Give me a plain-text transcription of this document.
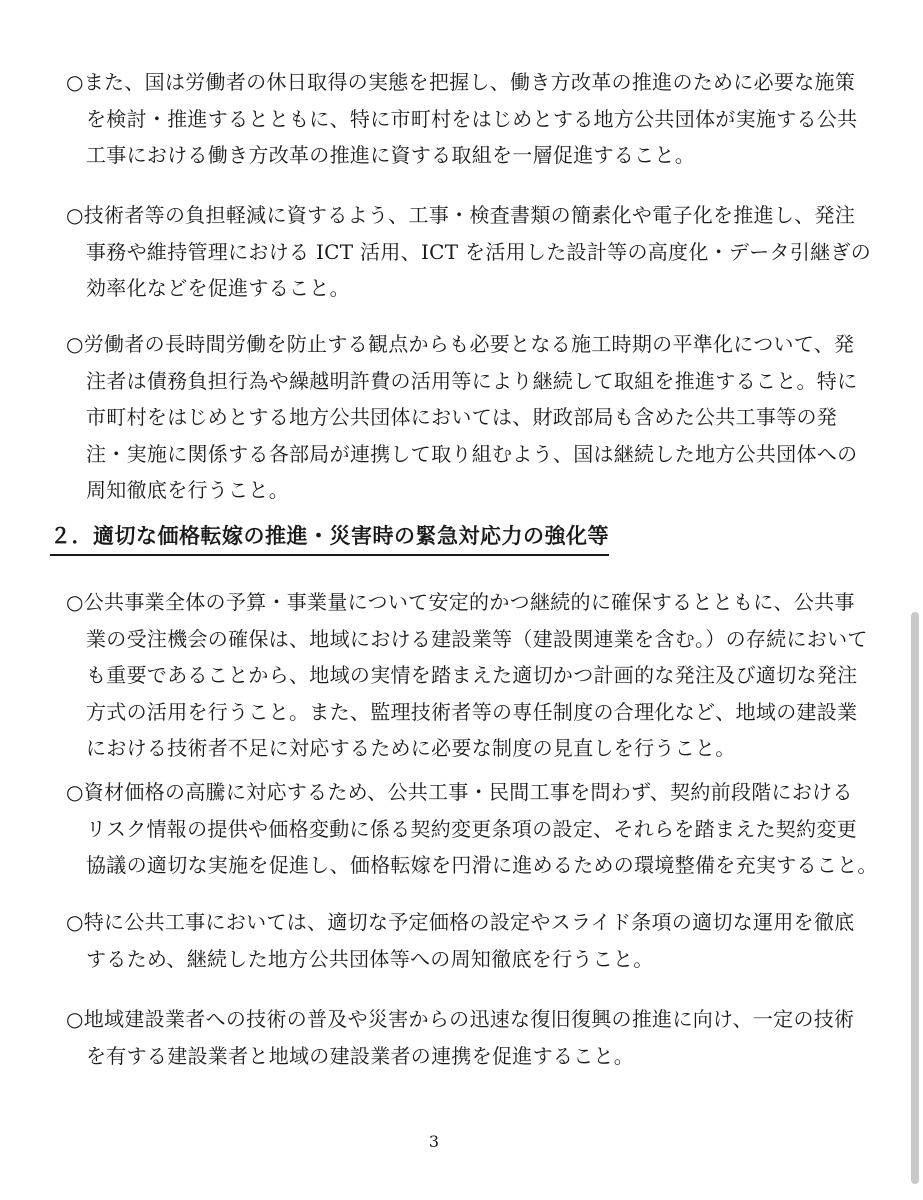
○また、国は労働者の休日取得の実態を把握し、働き方改革の推進のために必要な施策
を検討・推進するとともに、特に市町村をはじめとする地方公共団体が実施する公共
工事における働き方改革の推進に資する取組を一層促進すること。
○技術者等の負担軽減に資するよう、工事・検査書類の簡素化や電子化を推進し、発注
事務や維持管理における ICT 活用、ICT を活用した設計等の高度化・データ引継ぎの
効率化などを促進すること。
○労働者の長時間労働を防止する観点からも必要となる施工時期の平準化について、発
注者は債務負担行為や繰越明許費の活用等により継続して取組を推進すること。特に
市町村をはじめとする地方公共団体においては、財政部局も含めた公共工事等の発
注・実施に関係する各部局が連携して取り組むよう、国は継続した地方公共団体への
周知徹底を行うこと。
２．適切な価格転嫁の推進・災害時の緊急対応力の強化等
○公共事業全体の予算・事業量について安定的かつ継続的に確保するとともに、公共事
業の受注機会の確保は、地域における建設業等（建設関連業を含む。）の存続において
も重要であることから、地域の実情を踏まえた適切かつ計画的な発注及び適切な発注
方式の活用を行うこと。また、監理技術者等の専任制度の合理化など、地域の建設業
における技術者不足に対応するために必要な制度の見直しを行うこと。
○資材価格の高騰に対応するため、公共工事・民間工事を問わず、契約前段階における
リスク情報の提供や価格変動に係る契約変更条項の設定、それらを踏まえた契約変更
協議の適切な実施を促進し、価格転嫁を円滑に進めるための環境整備を充実すること。
○特に公共工事においては、適切な予定価格の設定やスライド条項の適切な運用を徹底
するため、継続した地方公共団体等への周知徹底を行うこと。
○地域建設業者への技術の普及や災害からの迅速な復旧復興の推進に向け、一定の技術
を有する建設業者と地域の建設業者の連携を促進すること。
3
